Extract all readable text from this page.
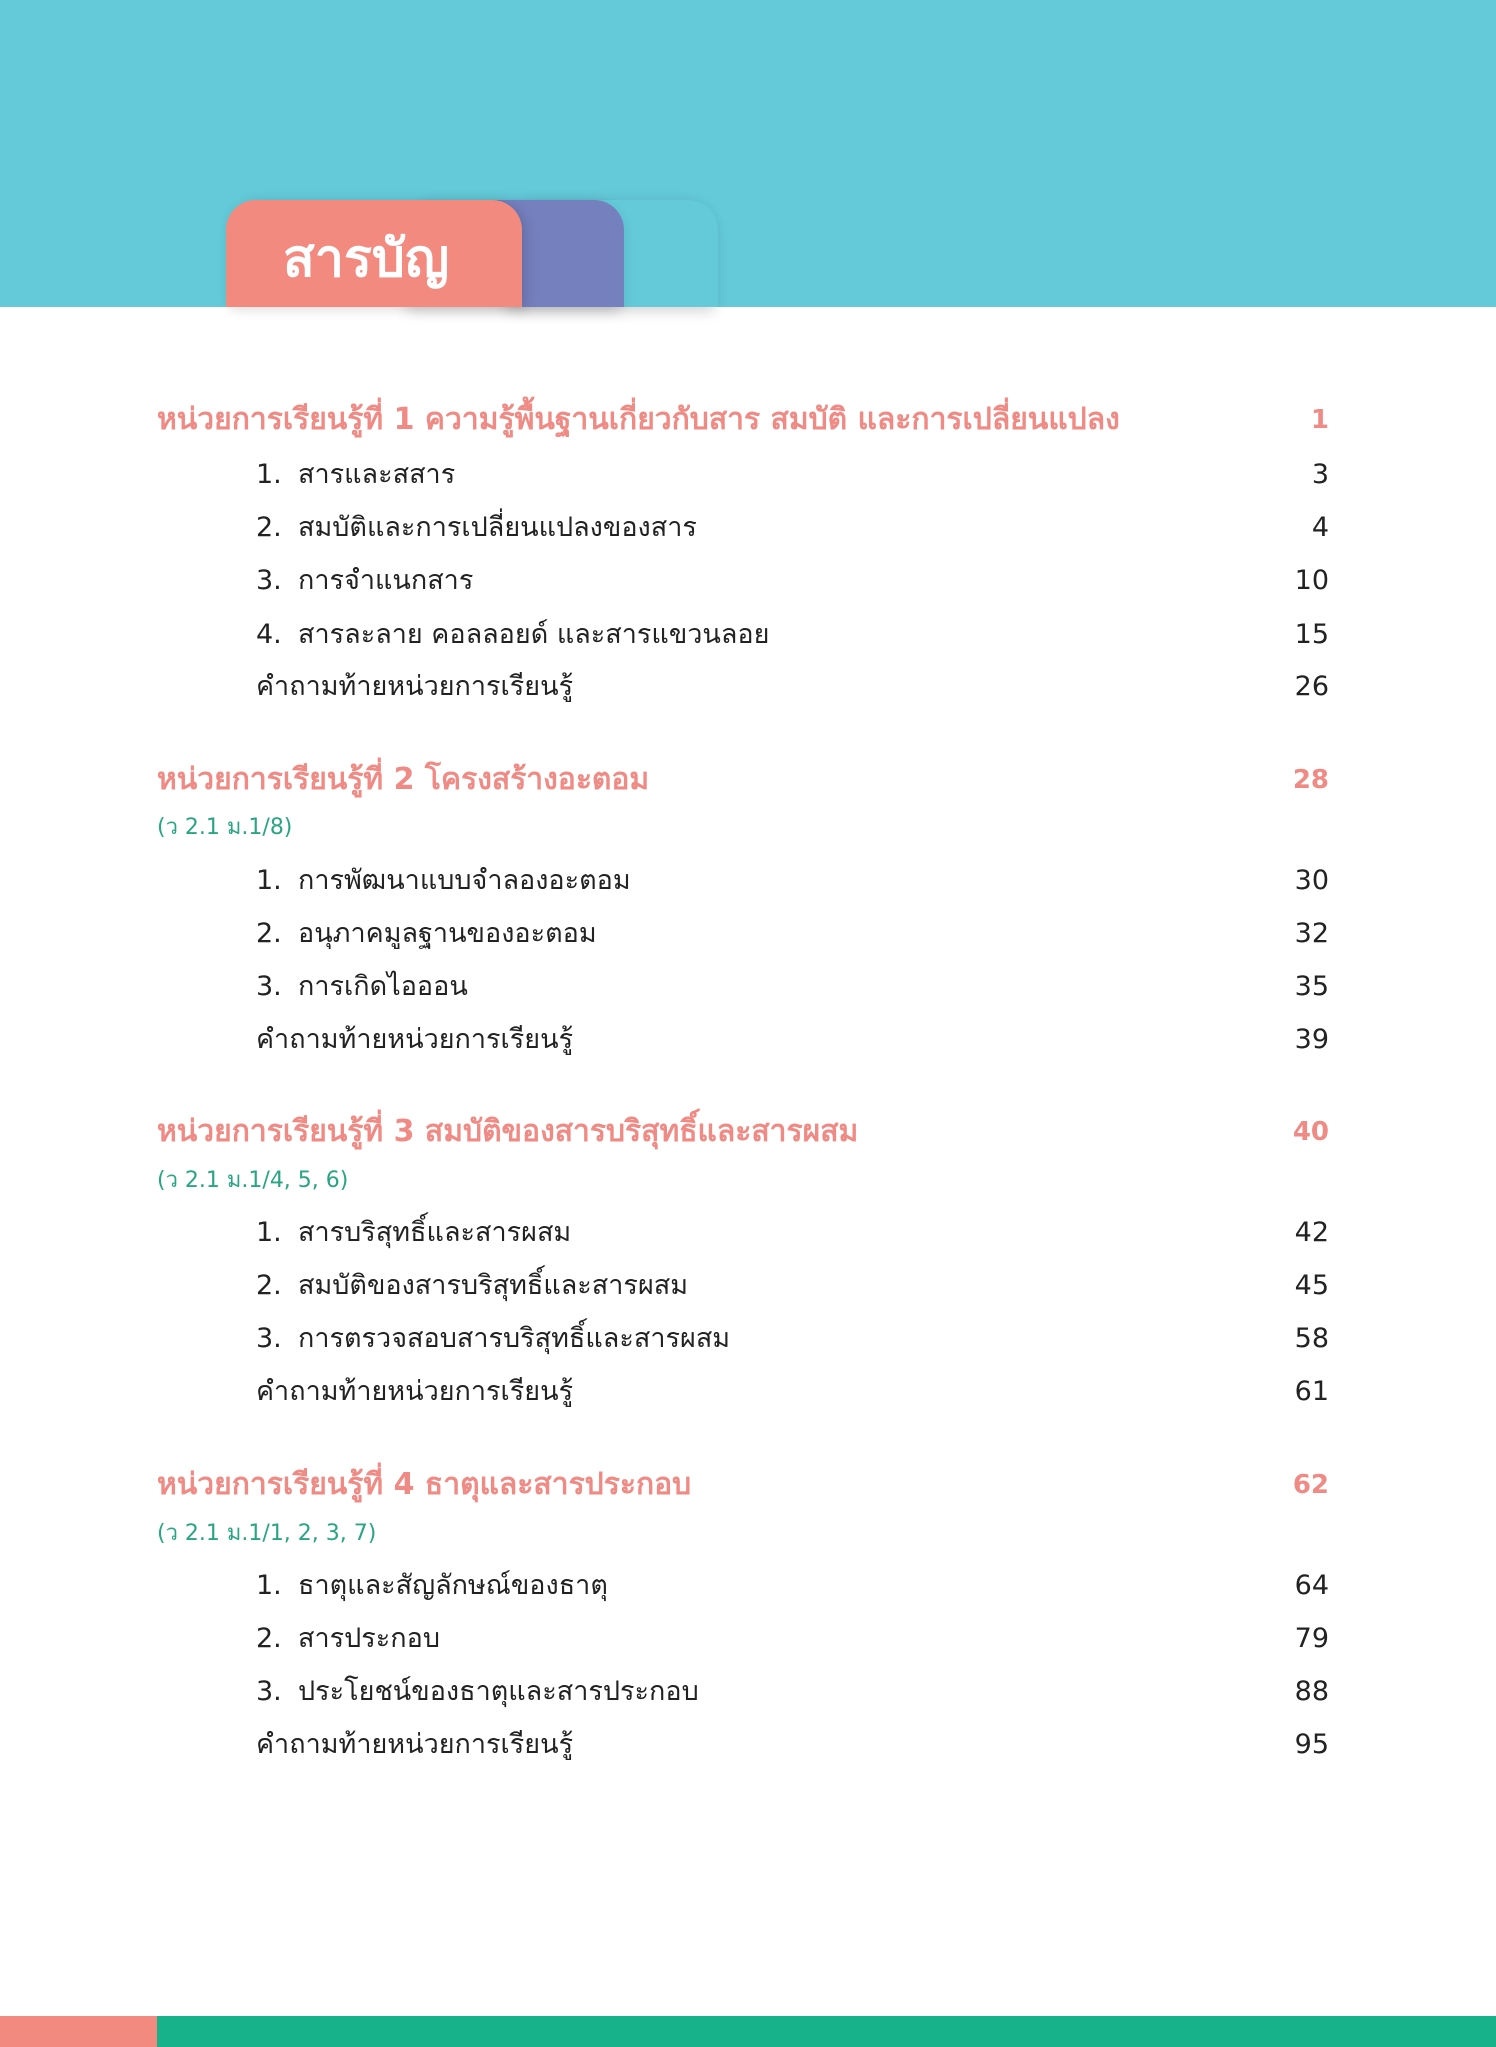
สารบัญ
หน่วยการเรียนรู้ที่ 1 ความรู้พื้นฐานเกี่ยวกับสาร สมบัติ และการเปลี่ยนแปลง	1
1. สารและสสาร	3
2. สมบัติและการเปลี่ยนแปลงของสาร	4
3. การจำแนกสาร	10
4. สารละลาย คอลลอยด์ และสารแขวนลอย	15
คำถามท้ายหน่วยการเรียนรู้	26
หน่วยการเรียนรู้ที่ 2 โครงสร้างอะตอม	28
(ว 2.1 ม.1/8)
1. การพัฒนาแบบจำลองอะตอม	30
2. อนุภาคมูลฐานของอะตอม	32
3. การเกิดไอออน	35
คำถามท้ายหน่วยการเรียนรู้	39
หน่วยการเรียนรู้ที่ 3 สมบัติของสารบริสุทธิ์และสารผสม	40
(ว 2.1 ม.1/4, 5, 6)
1. สารบริสุทธิ์และสารผสม	42
2. สมบัติของสารบริสุทธิ์และสารผสม	45
3. การตรวจสอบสารบริสุทธิ์และสารผสม	58
คำถามท้ายหน่วยการเรียนรู้	61
หน่วยการเรียนรู้ที่ 4 ธาตุและสารประกอบ	62
(ว 2.1 ม.1/1, 2, 3, 7)
1. ธาตุและสัญลักษณ์ของธาตุ	64
2. สารประกอบ	79
3. ประโยชน์ของธาตุและสารประกอบ	88
คำถามท้ายหน่วยการเรียนรู้	95
